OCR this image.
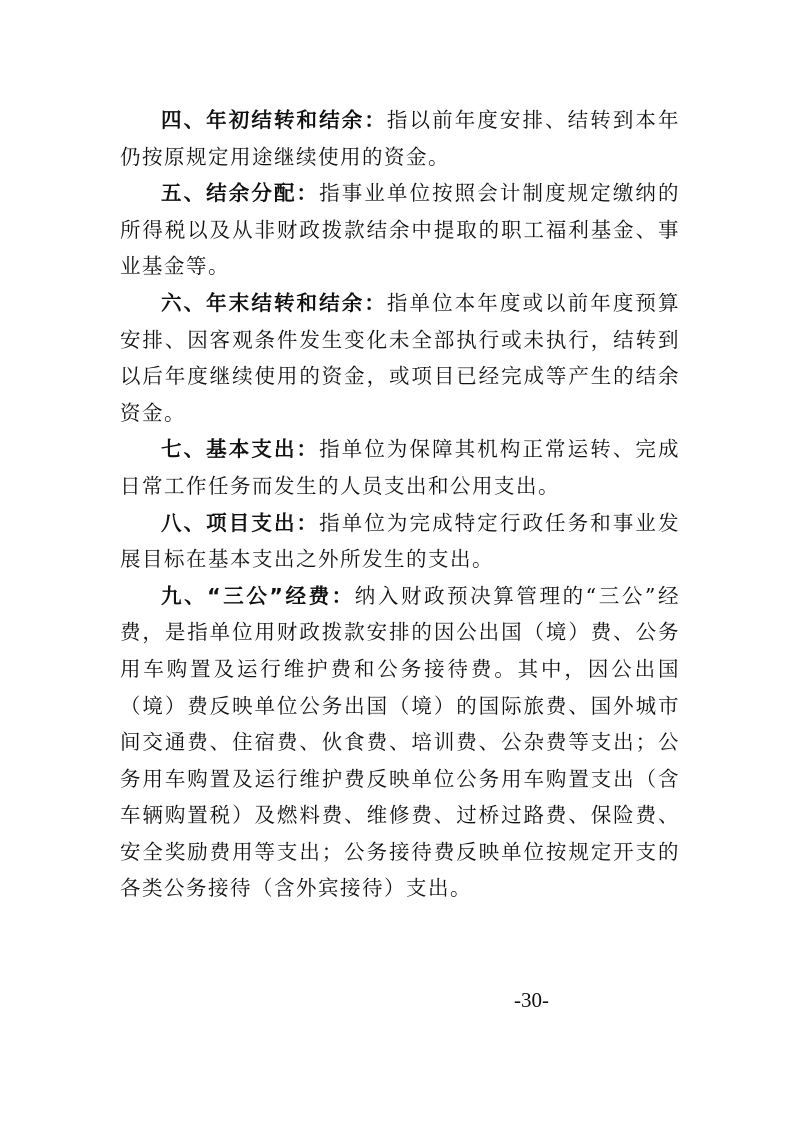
四、年初结转和结余：指以前年度安排、结转到本年仍按原规定用途继续使用的资金。

五、结余分配：指事业单位按照会计制度规定缴纳的所得税以及从非财政拨款结余中提取的职工福利基金、事业基金等。

六、年末结转和结余：指单位本年度或以前年度预算安排、因客观条件发生变化未全部执行或未执行，结转到以后年度继续使用的资金，或项目已经完成等产生的结余资金。

七、基本支出：指单位为保障其机构正常运转、完成日常工作任务而发生的人员支出和公用支出。

八、项目支出：指单位为完成特定行政任务和事业发展目标在基本支出之外所发生的支出。

九、“三公”经费：纳入财政预决算管理的“三公”经费，是指单位用财政拨款安排的因公出国（境）费、公务用车购置及运行维护费和公务接待费。其中，因公出国（境）费反映单位公务出国（境）的国际旅费、国外城市间交通费、住宿费、伙食费、培训费、公杂费等支出；公务用车购置及运行维护费反映单位公务用车购置支出（含车辆购置税）及燃料费、维修费、过桥过路费、保险费、安全奖励费用等支出；公务接待费反映单位按规定开支的各类公务接待（含外宾接待）支出。

-30-
